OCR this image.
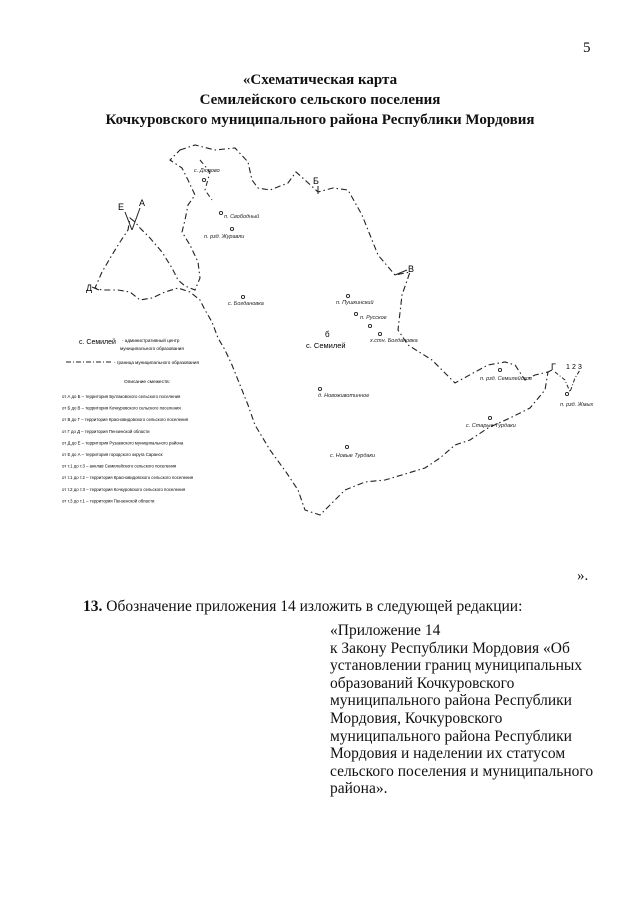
5
«Схематическая карта
Семилейского сельского поселения
Кочкуровского муниципального района Республики Мордовия
Б
В
Е А
Д
Г 1 2 3
б
с. Дюрово
п. Свободный
п. рзд. Журавли
с. Богдановка	п. Пушкинский
п. Русское
х.стн. Богдановка
п. рзд. Семилейское
д. Новоживотинное
с. Старые Турдаки
с. Новые Турдаки
п. рзд. Жмых
с. Семилей
с. Семилей - административный центр
муниципального образования
- граница муниципального образования
Описание смежеств:
от А до Б – территория Булгаковского сельского поселения
от Б до В – территория Кочкуровского сельского поселения
от В до Г – территория Красновидовского сельского поселения
от Г до Д – территория Пензенской области
от Д до Е – территория Рузаевского муниципального района
от Е до А – территория городского округа Саранск
от т.1 до т.3 – анклав Семилейского сельского поселения
от т.1 до т.2 – территория Красновидовского сельского поселения
от т.2 до т.3 – территория Кочкуровского сельского поселения
от т.3 до т.1 – территория Пензенской области
».
13. Обозначение приложения 14 изложить в следующей редакции:
«Приложение 14
к Закону Республики Мордовия «Об
установлении границ муниципальных
образований Кочкуровского
муниципального района Республики
Мордовия, Кочкуровского
муниципального района Республики
Мордовия и наделении их статусом
сельского поселения и муниципального
района».
